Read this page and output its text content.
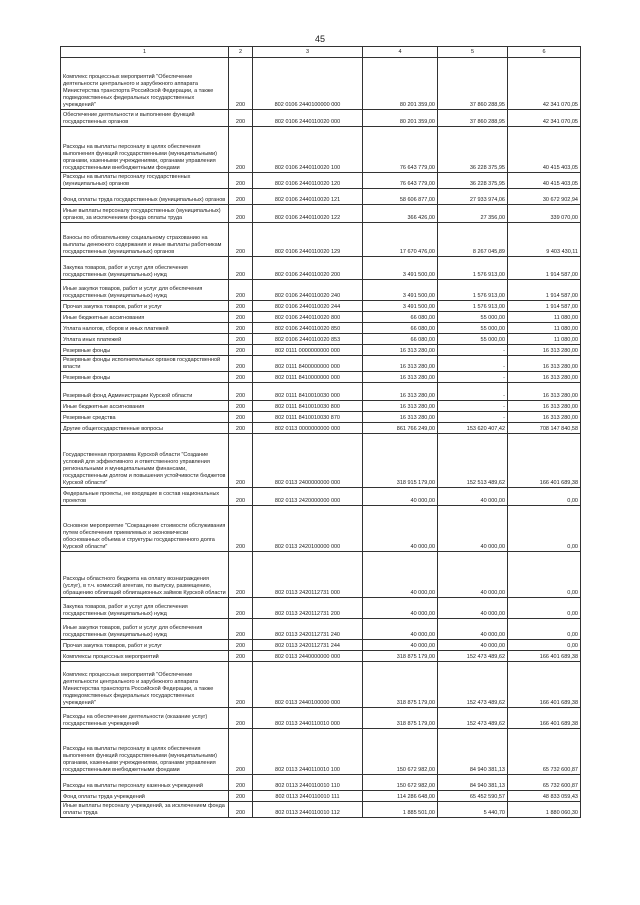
45
1	2	3	4	5	6
Комплекс процессных мероприятий "Обеспечение деятельности центрального и зарубежного аппарата Министерства транспорта Российской Федерации, а также подведомственных федеральных государственных учреждений"	200	802 0106 2440100000 000	80 201 359,00	37 860 288,95	42 341 070,05
Обеспечение деятельности и выполнение функций государственных органов	200	802 0106 2440110020 000	80 201 359,00	37 860 288,95	42 341 070,05
Расходы на выплаты персоналу в целях обеспечения выполнения функций государственными (муниципальными) органами, казенными учреждениями, органами управления государственными внебюджетными фондами	200	802 0106 2440110020 100	76 643 779,00	36 228 375,95	40 415 403,05
Расходы на выплаты персоналу государственных (муниципальных) органов	200	802 0106 2440110020 120	76 643 779,00	36 228 375,95	40 415 403,05
Фонд оплаты труда государственных (муниципальных) органов	200	802 0106 2440110020 121	58 606 877,00	27 933 974,06	30 672 902,94
Иные выплаты персоналу государственных (муниципальных) органов, за исключением фонда оплаты труда	200	802 0106 2440110020 122	366 426,00	27 356,00	339 070,00
Взносы по обязательному социальному страхованию на выплаты денежного содержания и иные выплаты работникам государственных (муниципальных) органов	200	802 0106 2440110020 129	17 670 476,00	8 267 045,89	9 403 430,11
Закупка товаров, работ и услуг для обеспечения государственных (муниципальных) нужд	200	802 0106 2440110020 200	3 491 500,00	1 576 913,00	1 914 587,00
Иные закупки товаров, работ и услуг для обеспечения государственных (муниципальных) нужд	200	802 0106 2440110020 240	3 491 500,00	1 576 913,00	1 914 587,00
Прочая закупка товаров, работ и услуг	200	802 0106 2440110020 244	3 491 500,00	1 576 913,00	1 914 587,00
Иные бюджетные ассигнования	200	802 0106 2440110020 800	66 080,00	55 000,00	11 080,00
Уплата налогов, сборов и иных платежей	200	802 0106 2440110020 850	66 080,00	55 000,00	11 080,00
Уплата иных платежей	200	802 0106 2440110020 853	66 080,00	55 000,00	11 080,00
Резервные фонды	200	802 0111 0000000000 000	16 313 280,00	-	16 313 280,00
Резервные фонды исполнительных органов государственной власти	200	802 0111 8400000000 000	16 313 280,00	-	16 313 280,00
Резервные фонды	200	802 0111 8410000000 000	16 313 280,00	-	16 313 280,00
Резервный фонд Администрации Курской области	200	802 0111 8410010030 000	16 313 280,00	-	16 313 280,00
Иные бюджетные ассигнования	200	802 0111 8410010030 800	16 313 280,00	-	16 313 280,00
Резервные средства	200	802 0111 8410010030 870	16 313 280,00	-	16 313 280,00
Другие общегосударственные вопросы	200	802 0113 0000000000 000	861 766 249,00	153 620 407,42	708 147 840,58
Государственная программа Курской области "Создание условий для эффективного и ответственного управления региональными и муниципальными финансами, государственным долгом и повышения устойчивости бюджетов Курской области"	200	802 0113 2400000000 000	318 915 179,00	152 513 489,62	166 401 689,38
Федеральные проекты, не входящие в состав национальных проектов	200	802 0113 2420000000 000	40 000,00	40 000,00	0,00
Основное мероприятие "Сокращение стоимости обслуживания путем обеспечения приемлемых и экономически обоснованных объема и структуры государственного долга Курской области"	200	802 0113 2420100000 000	40 000,00	40 000,00	0,00
Расходы областного бюджета на оплату вознаграждения (услуг), в т.ч. комиссий агентам, по выпуску, размещению, обращению облигаций облигационных займов Курской области	200	802 0113 2420112731 000	40 000,00	40 000,00	0,00
Закупка товаров, работ и услуг для обеспечения государственных (муниципальных) нужд	200	802 0113 2420112731 200	40 000,00	40 000,00	0,00
Иные закупки товаров, работ и услуг для обеспечения государственных (муниципальных) нужд	200	802 0113 2420112731 240	40 000,00	40 000,00	0,00
Прочая закупка товаров, работ и услуг	200	802 0113 2420112731 244	40 000,00	40 000,00	0,00
Комплексы процессных мероприятий	200	802 0113 2440000000 000	318 875 179,00	152 473 489,62	166 401 689,38
Комплекс процессных мероприятий "Обеспечение деятельности центрального и зарубежного аппарата Министерства транспорта Российской Федерации, а также подведомственных федеральных государственных учреждений"	200	802 0113 2440100000 000	318 875 179,00	152 473 489,62	166 401 689,38
Расходы на обеспечение деятельности (оказание услуг) государственных учреждений	200	802 0113 2440110010 000	318 875 179,00	152 473 489,62	166 401 689,38
Расходы на выплаты персоналу в целях обеспечения выполнения функций государственными (муниципальными) органами, казенными учреждениями, органами управления государственными внебюджетными фондами	200	802 0113 2440110010 100	150 672 982,00	84 940 381,13	65 732 600,87
Расходы на выплаты персоналу казенных учреждений	200	802 0113 2440110010 110	150 672 982,00	84 940 381,13	65 732 600,87
Фонд оплаты труда учреждений	200	802 0113 2440110010 111	114 286 648,00	65 452 590,57	48 833 059,43
Иные выплаты персоналу учреждений, за исключением фонда оплаты труда	200	802 0113 2440110010 112	1 885 501,00	5 440,70	1 880 060,30
